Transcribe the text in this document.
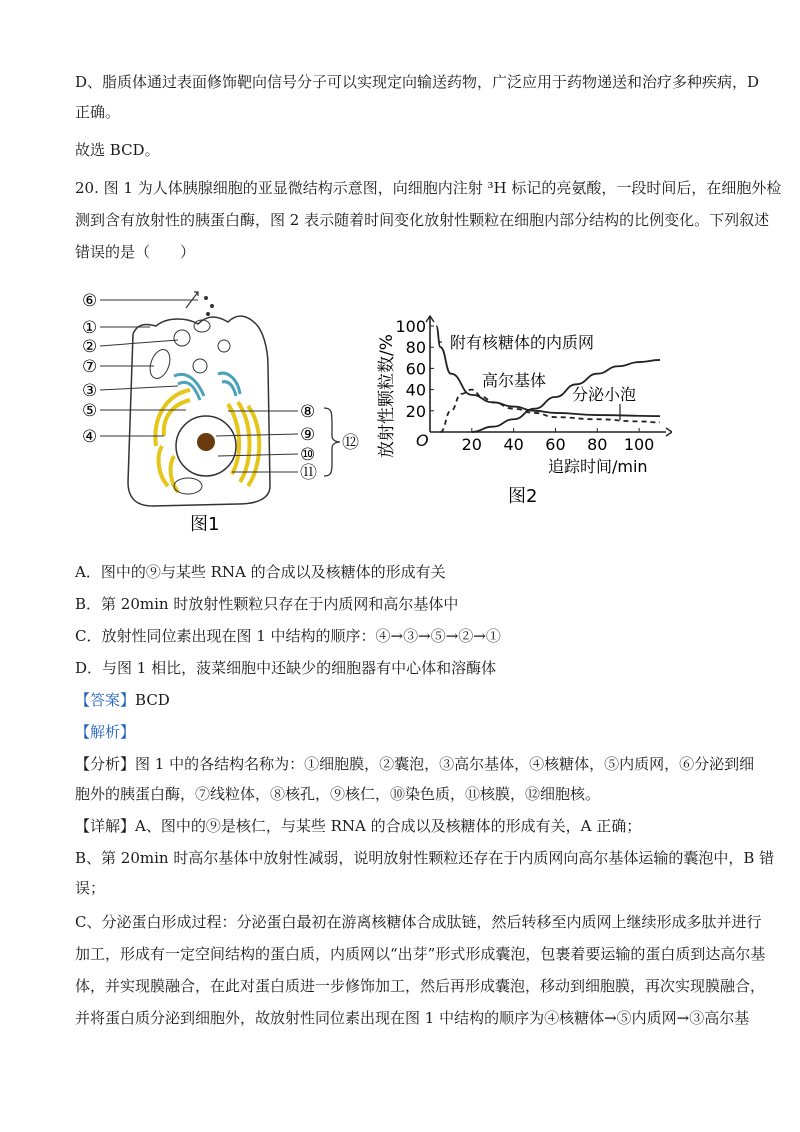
D、脂质体通过表面修饰靶向信号分子可以实现定向输送药物，广泛应用于药物递送和治疗多种疾病，D
正确。
故选 BCD。
20. 图 1 为人体胰腺细胞的亚显微结构示意图，向细胞内注射 ³H 标记的亮氨酸，一段时间后，在细胞外检
测到含有放射性的胰蛋白酶，图 2 表示随着时间变化放射性颗粒在细胞内部分结构的比例变化。下列叙述
错误的是（　　）
⑥
①
②
⑦
③
⑤
④
⑧
⑨
⑩
⑪
⑫
图1
放射性颗粒数/% O 20 40 60 80 100
100
80
60
40
20
附有核糖体的内质网
高尔基体
分泌小泡
追踪时间/min
图2
A．图中的⑨与某些 RNA 的合成以及核糖体的形成有关
B．第 20min 时放射性颗粒只存在于内质网和高尔基体中
C．放射性同位素出现在图 1 中结构的顺序：④→③→⑤→②→①
D．与图 1 相比，菠菜细胞中还缺少的细胞器有中心体和溶酶体
【答案】BCD
【解析】
【分析】图 1 中的各结构名称为：①细胞膜，②囊泡，③高尔基体，④核糖体，⑤内质网，⑥分泌到细
胞外的胰蛋白酶，⑦线粒体，⑧核孔，⑨核仁，⑩染色质，⑪核膜，⑫细胞核。
【详解】A、图中的⑨是核仁，与某些 RNA 的合成以及核糖体的形成有关，A 正确；
B、第 20min 时高尔基体中放射性减弱，说明放射性颗粒还存在于内质网向高尔基体运输的囊泡中，B 错
误；
C、分泌蛋白形成过程：分泌蛋白最初在游离核糖体合成肽链，然后转移至内质网上继续形成多肽并进行
加工，形成有一定空间结构的蛋白质，内质网以“出芽”形式形成囊泡，包裹着要运输的蛋白质到达高尔基
体，并实现膜融合，在此对蛋白质进一步修饰加工，然后再形成囊泡，移动到细胞膜，再次实现膜融合，
并将蛋白质分泌到细胞外，故放射性同位素出现在图 1 中结构的顺序为④核糖体→⑤内质网→③高尔基
